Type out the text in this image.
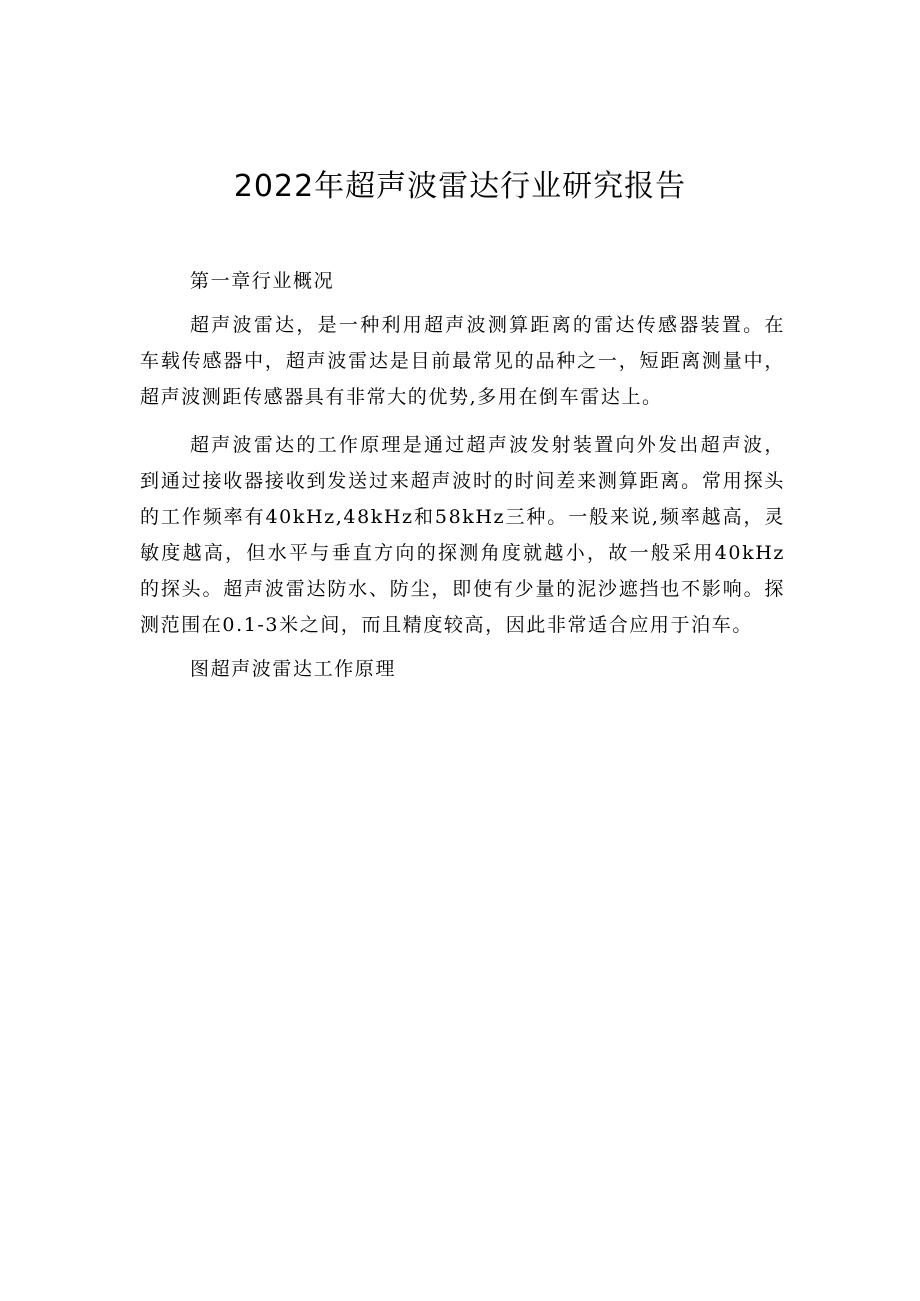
2022年超声波雷达行业研究报告

第一章行业概况

超声波雷达，是一种利用超声波测算距离的雷达传感器装置。在车载传感器中，超声波雷达是目前最常见的品种之一，短距离测量中，超声波测距传感器具有非常大的优势,多用在倒车雷达上。

超声波雷达的工作原理是通过超声波发射装置向外发出超声波，到通过接收器接收到发送过来超声波时的时间差来测算距离。常用探头的工作频率有40kHz,48kHz和58kHz三种。一般来说,频率越高，灵敏度越高，但水平与垂直方向的探测角度就越小，故一般采用40kHz的探头。超声波雷达防水、防尘，即使有少量的泥沙遮挡也不影响。探测范围在0.1-3米之间，而且精度较高，因此非常适合应用于泊车。

图超声波雷达工作原理
